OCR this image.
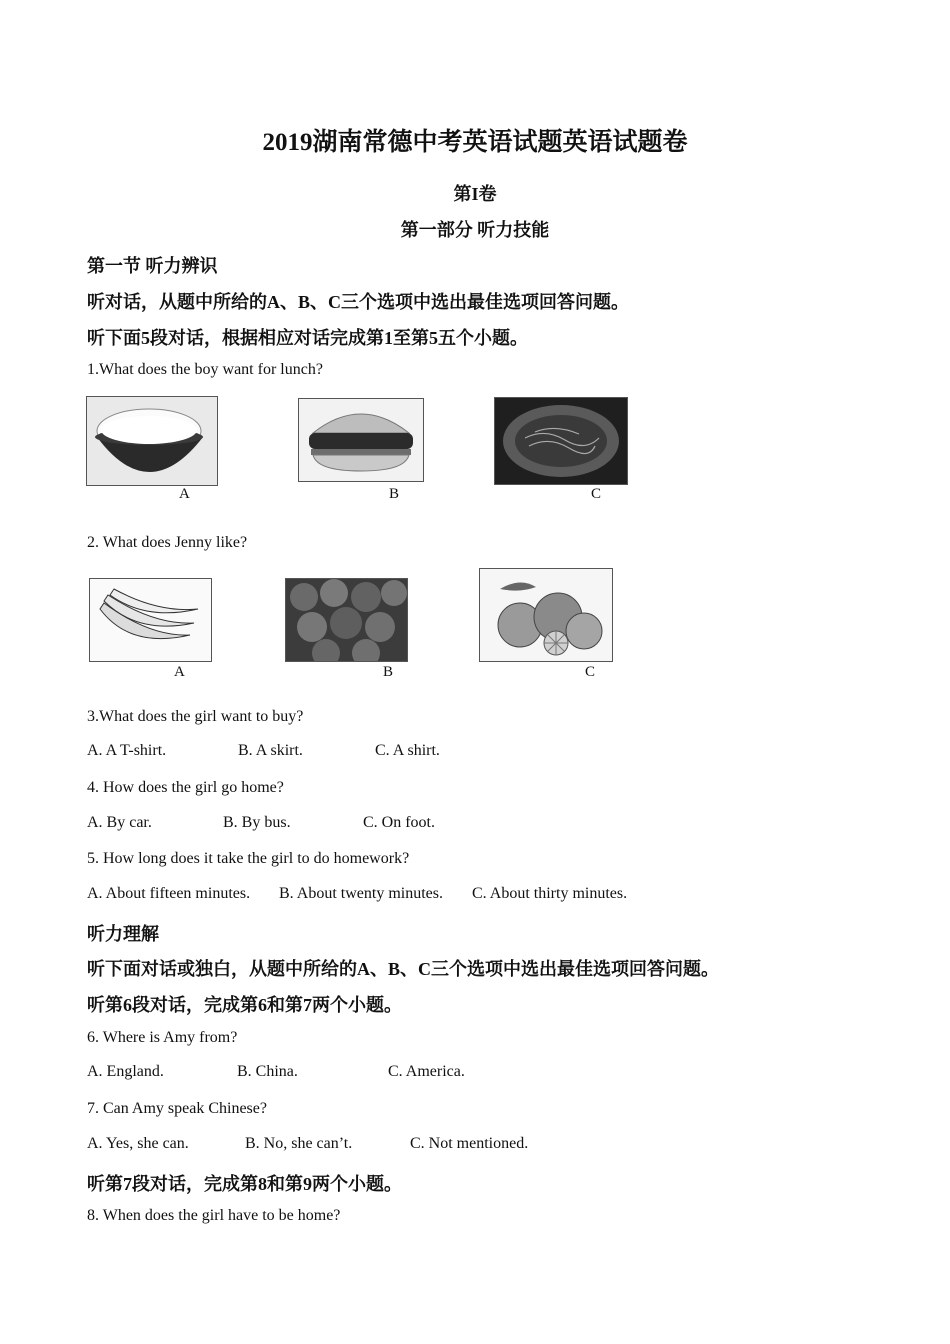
2019湖南常德中考英语试题英语试题卷
第I卷
第一部分 听力技能
第一节 听力辨识
听对话，从题中所给的A、B、C三个选项中选出最佳选项回答问题。
听下面5段对话，根据相应对话完成第1至第5五个小题。
1.What does the boy want for lunch?
A	B	C
2. What does Jenny like?
A	B	C
3.What does the girl want to buy?
A. A T-shirt.	B. A skirt.	C. A shirt.
4. How does the girl go home?
A. By car.	B. By bus.	C. On foot.
5. How long does it take the girl to do homework?
A. About fifteen minutes. B. About twenty minutes. C. About thirty minutes.
听力理解
听下面对话或独白，从题中所给的A、B、C三个选项中选出最佳选项回答问题。
听第6段对话，完成第6和第7两个小题。
6. Where is Amy from?
A. England.	B. China.	C. America.
7. Can Amy speak Chinese?
A. Yes, she can.	B. No, she can’t.	C. Not mentioned.
听第7段对话，完成第8和第9两个小题。
8. When does the girl have to be home?
